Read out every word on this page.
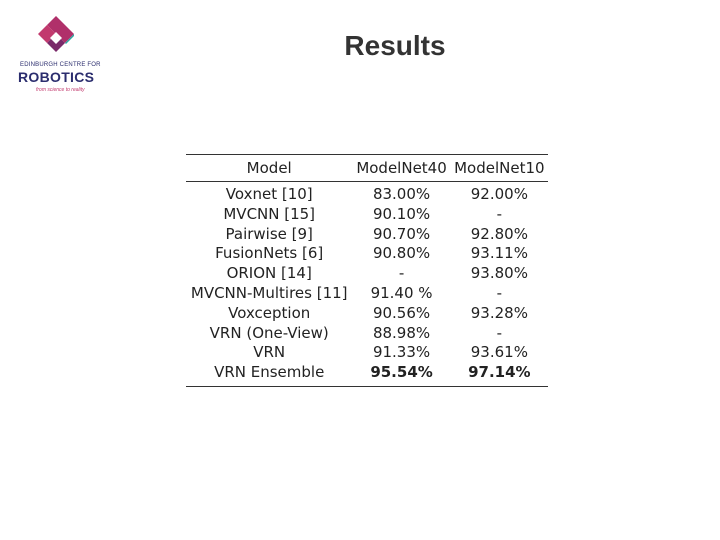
EDINBURGH CENTRE FOR
ROBOTICS
from science to reality
Results
Model	ModelNet40	ModelNet10
Voxnet [10]	83.00%	92.00%
MVCNN [15]	90.10%	-
Pairwise [9]	90.70%	92.80%
FusionNets [6]	90.80%	93.11%
ORION [14]	-	93.80%
MVCNN-Multires [11]	91.40 %	-
Voxception	90.56%	93.28%
VRN (One-View)	88.98%	-
VRN	91.33%	93.61%
VRN Ensemble	95.54%	97.14%
